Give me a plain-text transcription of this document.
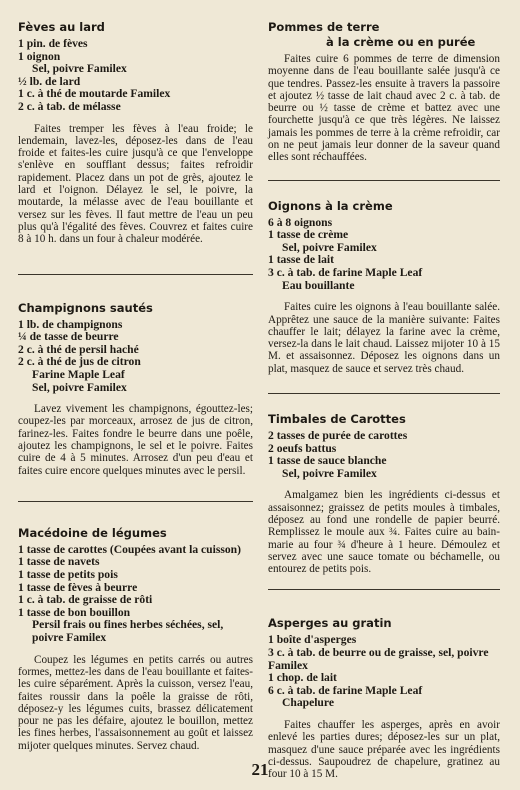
Fèves au lard
1 pin. de fèves
1 oignon
Sel, poivre Familex
½ lb. de lard
1 c. à thé de moutarde Familex
2 c. à tab. de mélasse

Faites tremper les fèves à l'eau froide; le lendemain, lavez-les, déposez-les dans de l'eau froide et faites-les cuire jusqu'à ce que l'enveloppe s'enlève en soufflant dessus; faites refroidir rapidement. Placez dans un pot de grès, ajoutez le lard et l'oignon. Délayez le sel, le poivre, la moutarde, la mélasse avec de l'eau bouillante et versez sur les fèves. Il faut mettre de l'eau un peu plus qu'à l'égalité des fèves. Couvrez et faites cuire 8 à 10 h. dans un four à chaleur modérée.

Champignons sautés
1 lb. de champignons
¼ de tasse de beurre
2 c. à thé de persil haché
2 c. à thé de jus de citron
Farine Maple Leaf
Sel, poivre Familex

Lavez vivement les champignons, égouttez-les; coupez-les par morceaux, arrosez de jus de citron, farinez-les. Faites fondre le beurre dans une poêle, ajoutez les champignons, le sel et le poivre. Faites cuire de 4 à 5 minutes. Arrosez d'un peu d'eau et faites cuire encore quelques minutes avec le persil.

Macédoine de légumes
1 tasse de carottes (Coupées avant la cuisson)
1 tasse de navets
1 tasse de petits pois
1 tasse de fèves à beurre
1 c. à tab. de graisse de rôti
1 tasse de bon bouillon
Persil frais ou fines herbes séchées, sel, poivre Familex

Coupez les légumes en petits carrés ou autres formes, mettez-les dans de l'eau bouillante et faites-les cuire séparément. Après la cuisson, versez l'eau, faites roussir dans la poêle la graisse de rôti, déposez-y les légumes cuits, brassez délicatement pour ne pas les défaire, ajoutez le bouillon, mettez les fines herbes, l'assaisonnement au goût et laissez mijoter quelques minutes. Servez chaud.

Pommes de terre
à la crème ou en purée

Faites cuire 6 pommes de terre de dimension moyenne dans de l'eau bouillante salée jusqu'à ce que tendres. Passez-les ensuite à travers la passoire et ajoutez ½ tasse de lait chaud avec 2 c. à tab. de beurre ou ½ tasse de crème et battez avec une fourchette jusqu'à ce que très légères. Ne laissez jamais les pommes de terre à la crème refroidir, car on ne peut jamais leur donner de la saveur quand elles sont réchauffées.

Oignons à la crème
6 à 8 oignons
1 tasse de crème
Sel, poivre Familex
1 tasse de lait
3 c. à tab. de farine Maple Leaf
Eau bouillante

Faites cuire les oignons à l'eau bouillante salée. Apprêtez une sauce de la manière suivante: Faites chauffer le lait; délayez la farine avec la crème, versez-la dans le lait chaud. Laissez mijoter 10 à 15 M. et assaisonnez. Déposez les oignons dans un plat, masquez de sauce et servez très chaud.

Timbales de Carottes
2 tasses de purée de carottes
2 oeufs battus
1 tasse de sauce blanche
Sel, poivre Familex

Amalgamez bien les ingrédients ci-dessus et assaisonnez; graissez de petits moules à timbales, déposez au fond une rondelle de papier beurré. Remplissez le moule aux ¾. Faites cuire au bain-marie au four ¾ d'heure à 1 heure. Démoulez et servez avec une sauce tomate ou béchamelle, ou entourez de petits pois.

Asperges au gratin
1 boîte d'asperges
3 c. à tab. de beurre ou de graisse, sel, poivre Familex
1 chop. de lait
6 c. à tab. de farine Maple Leaf
Chapelure

Faites chauffer les asperges, après en avoir enlevé les parties dures; déposez-les sur un plat, masquez d'une sauce préparée avec les ingrédients ci-dessus. Saupoudrez de chapelure, gratinez au four 10 à 15 M.

21
